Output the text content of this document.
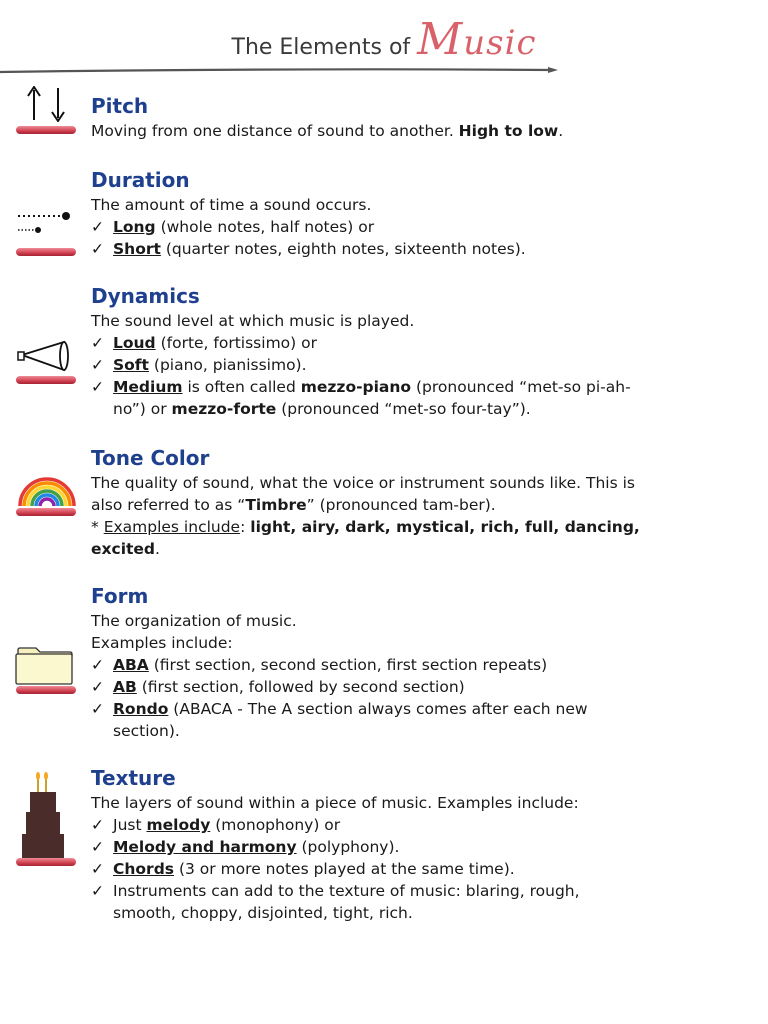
The Elements of Music
Pitch

Moving from one distance of sound to another. High to low.

Duration

The amount of time a sound occurs.

✓ Long (whole notes, half notes) or

✓ Short (quarter notes, eighth notes, sixteenth notes).

Dynamics

The sound level at which music is played.

✓ Loud (forte, fortissimo) or

✓ Soft (piano, pianissimo).

✓ Medium is often called mezzo-piano (pronounced “met-so pi-ah-

no”) or mezzo-forte (pronounced “met-so four-tay”).

Tone Color

The quality of sound, what the voice or instrument sounds like. This is

also referred to as “Timbre” (pronounced tam-ber).

* Examples include: light, airy, dark, mystical, rich, full, dancing,

excited.

Form

The organization of music.

Examples include:

✓ ABA (first section, second section, first section repeats)

✓ AB (first section, followed by second section)

✓ Rondo (ABACA - The A section always comes after each new

section).

Texture

The layers of sound within a piece of music. Examples include:

✓ Just melody (monophony) or

✓ Melody and harmony (polyphony).

✓ Chords (3 or more notes played at the same time).

✓ Instruments can add to the texture of music: blaring, rough,

smooth, choppy, disjointed, tight, rich.
